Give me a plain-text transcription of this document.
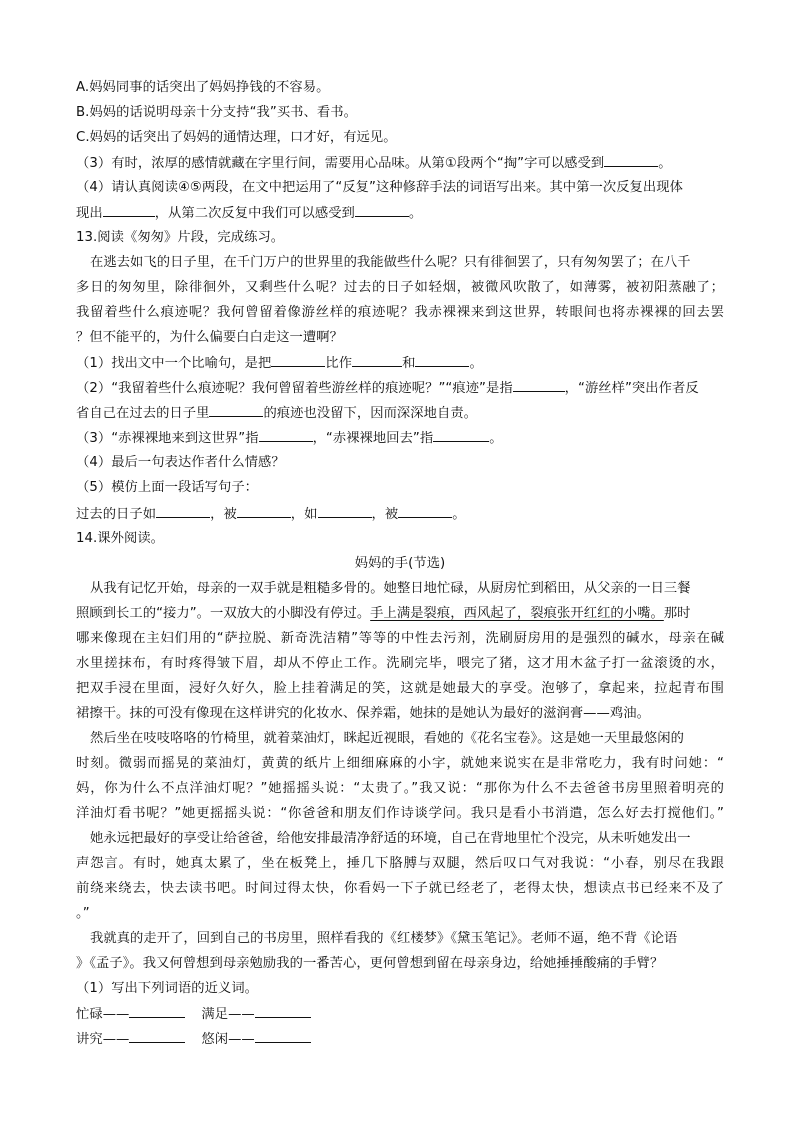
A.妈妈同事的话突出了妈妈挣钱的不容易。
B.妈妈的话说明母亲十分支持“我”买书、看书。
C.妈妈的话突出了妈妈的通情达理，口才好，有远见。
（3）有时，浓厚的感情就藏在字里行间，需要用心品味。从第①段两个“掏”字可以感受到	。
（4）请认真阅读④⑤两段，在文中把运用了“反复”这种修辞手法的词语写出来。其中第一次反复出现体
现出	，从第二次反复中我们可以感受到	。
13.阅读《匆匆》片段，完成练习。
在逃去如飞的日子里，在千门万户的世界里的我能做些什么呢？只有徘徊罢了，只有匆匆罢了；在八千
多日的匆匆里，除徘徊外，又剩些什么呢？过去的日子如轻烟，被微风吹散了，如薄雾，被初阳蒸融了；
我留着些什么痕迹呢？我何曾留着像游丝样的痕迹呢？我赤裸裸来到这世界，转眼间也将赤裸裸的回去罢
？但不能平的，为什么偏要白白走这一遭啊？
（1）找出文中一个比喻句，是把	比作	和	。
（2）“我留着些什么痕迹呢？我何曾留着些游丝样的痕迹呢？”“痕迹”是指	，“游丝样”突出作者反
省自己在过去的日子里	的痕迹也没留下，因而深深地自责。
（3）“赤裸裸地来到这世界”指	，“赤裸裸地回去”指	。
（4）最后一句表达作者什么情感？
（5）模仿上面一段话写句子：
过去的日子如	，被	，如	，被	。
14.课外阅读。
妈妈的手(节选)
从我有记忆开始，母亲的一双手就是粗糙多骨的。她整日地忙碌，从厨房忙到稻田，从父亲的一日三餐
照顾到长工的“接力”。一双放大的小脚没有停过。手上满是裂痕，西风起了，裂痕张开红红的小嘴。那时
哪来像现在主妇们用的“萨拉脱、新奇洗洁精”等等的中性去污剂，洗刷厨房用的是强烈的碱水，母亲在碱
水里搓抹布，有时疼得皱下眉，却从不停止工作。洗刷完毕，喂完了猪，这才用木盆子打一盆滚烫的水，
把双手浸在里面，浸好久好久，脸上挂着满足的笑，这就是她最大的享受。泡够了，拿起来，拉起青布围
裙擦干。抹的可没有像现在这样讲究的化妆水、保养霜，她抹的是她认为最好的滋润膏——鸡油。
然后坐在吱吱咯咯的竹椅里，就着菜油灯，眯起近视眼，看她的《花名宝卷》。这是她一天里最悠闲的
时刻。微弱而摇晃的菜油灯，黄黄的纸片上细细麻麻的小字，就她来说实在是非常吃力，我有时问她：“
妈，你为什么不点洋油灯呢？”她摇摇头说：“太贵了。”我又说：“那你为什么不去爸爸书房里照着明亮的
洋油灯看书呢？”她更摇摇头说：“你爸爸和朋友们作诗谈学问。我只是看小书消遣，怎么好去打搅他们。”
她永远把最好的享受让给爸爸，给他安排最清净舒适的环境，自己在背地里忙个没完，从未听她发出一
声怨言。有时，她真太累了，坐在板凳上，捶几下胳膊与双腿，然后叹口气对我说：“小春，别尽在我跟
前绕来绕去，快去读书吧。时间过得太快，你看妈一下子就已经老了，老得太快，想读点书已经来不及了
。”
我就真的走开了，回到自己的书房里，照样看我的《红楼梦》《黛玉笔记》。老师不逼，绝不背《论语
》《孟子》。我又何曾想到母亲勉励我的一番苦心，更何曾想到留在母亲身边，给她捶捶酸痛的手臂？
（1）写出下列词语的近义词。
忙碌——	满足——
讲究——	悠闲——
